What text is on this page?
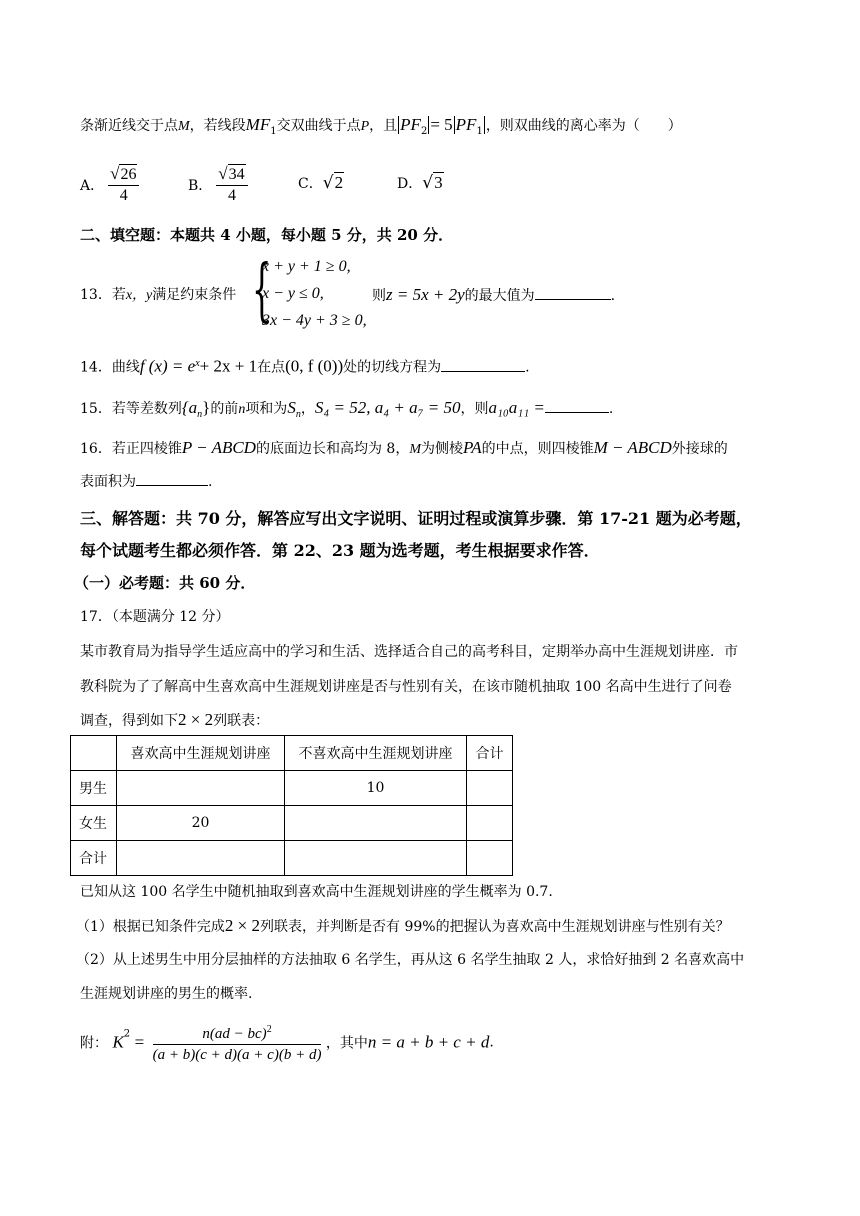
条渐近线交于点M，若线段$MF_1$交双曲线于点P，且 $PF_2 = 5$ $PF_1$ ，则双曲线的离心率为（　　）
A． $\frac{√26}{4}$	B． $\frac{√34}{4}$	C．√2	D．√3
二、填空题：本题共 4 小题，每小题 5 分，共 20 分．
13．若x，y满足约束条件 {
x + y + 1 ≥ 0,
x − y ≤ 0,
3x − 4y + 3 ≥ 0,
则z = 5x + 2y的最大值为	.
14．曲线f $(x) = e^x+ 2x + 1$在点(0, f (0))处的切线方程为	.
15．若等差数列$\{a_n\}$的前n项和为$S_n$，S₄ = 52, a₄ + a₇ = 50，则a₁₀a₁₁ =	.
16．若正四棱锥P − ABCD的底面边长和高均为 8，M为侧棱PA的中点，则四棱锥M − ABCD外接球的
表面积为	.
三、解答题：共 70 分，解答应写出文字说明、证明过程或演算步骤．第 17-21 题为必考题，
每个试题考生都必须作答．第 22、23 题为选考题，考生根据要求作答．
（一）必考题：共 60 分．
17．（本题满分 12 分）
某市教育局为指导学生适应高中的学习和生活、选择适合自己的高考科目，定期举办高中生涯规划讲座．市
教科院为了了解高中生喜欢高中生涯规划讲座是否与性别有关，在该市随机抽取 100 名高中生进行了问卷
调查，得到如下2 × 2列联表：
	喜欢高中生涯规划讲座	不喜欢高中生涯规划讲座	合计
男生		10	
女生	20		
合计			
已知从这 100 名学生中随机抽取到喜欢高中生涯规划讲座的学生概率为 0.7.
（1）根据已知条件完成2 × 2列联表，并判断是否有 99%的把握认为喜欢高中生涯规划讲座与性别有关？
（2）从上述男生中用分层抽样的方法抽取 6 名学生，再从这 6 名学生抽取 2 人，求恰好抽到 2 名喜欢高中
生涯规划讲座的男生的概率.
附： $K^2 = \frac{n(ad - bc)^2}{(a + b)(c + d)(a + c)(b + d)}$ ，其中n = a + b + c + d.
